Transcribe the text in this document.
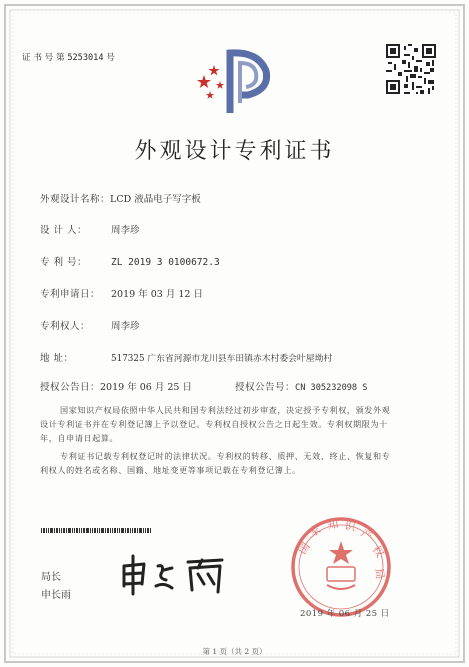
证 书 号 第 5253014 号
外观设计专利证书
外观设计名称：LCD 液晶电子写字板
设 计 人：	周李珍
专 利 号：	ZL 2019 3 0100672.3
专利申请日： 2019 年 03 月 12 日
专利权人： 周李珍
地 址：	517325 广东省河源市龙川县车田镇赤木村委会叶屋坳村
授权公告日：2019 年 06 月 25 日	授权公告号：CN 305232098 S
国家知识产权局依照中华人民共和国专利法经过初步审查，决定授予专利权，颁发外观
设计专利证书并在专利登记簿上予以登记。专利权自授权公告之日起生效。专利权期限为十
年，自申请日起算。
专利证书记载专利权登记时的法律状况。专利权的转移、质押、无效、终止、恢复和专
利权人的姓名或名称、国籍、地址变更等事项记载在专利登记簿上。
局长
申长雨
国
家 知 识 产
权
局
2019 年 06 月 25 日
第 1 页（共 2 页）
